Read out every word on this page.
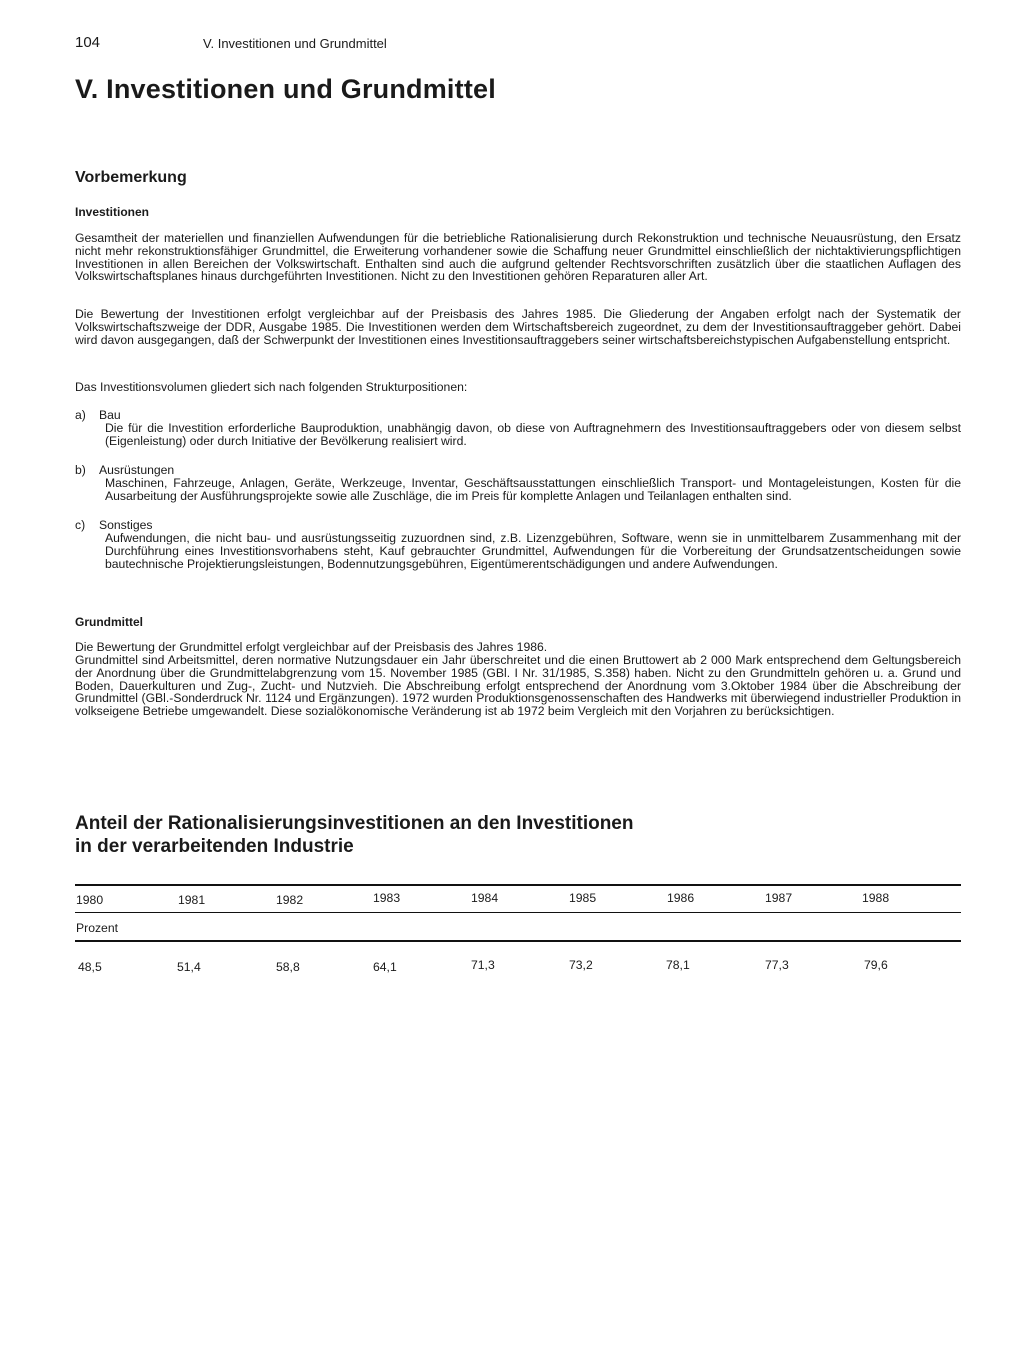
104	V. Investitionen und Grundmittel
V. Investitionen und Grundmittel
Vorbemerkung
Investitionen

Gesamtheit der materiellen und finanziellen Aufwendungen für die betriebliche Rationalisierung durch Rekonstruktion und technische Neuausrüstung, den Ersatz nicht mehr rekonstruktionsfähiger Grundmittel, die Erweiterung vorhandener sowie die Schaffung neuer Grundmittel einschließlich der nichtaktivierungspflichtigen Investitionen in allen Bereichen der Volkswirtschaft. Enthalten sind auch die aufgrund geltender Rechtsvorschriften zusätzlich über die staatlichen Auflagen des Volkswirtschaftsplanes hinaus durchgeführten Investitionen. Nicht zu den Investitionen gehören Reparaturen aller Art.

Die Bewertung der Investitionen erfolgt vergleichbar auf der Preisbasis des Jahres 1985. Die Gliederung der Angaben erfolgt nach der Systematik der Volkswirtschaftszweige der DDR, Ausgabe 1985. Die Investitionen werden dem Wirtschaftsbereich zugeordnet, zu dem der Investitionsauftraggeber gehört. Dabei wird davon ausgegangen, daß der Schwerpunkt der Investitionen eines Investitionsauftraggebers seiner wirtschaftsbereichstypischen Aufgabenstellung entspricht.

Das Investitionsvolumen gliedert sich nach folgenden Strukturpositionen:

a) Bau
Die für die Investition erforderliche Bauproduktion, unabhängig davon, ob diese von Auftragnehmern des Investitionsauftraggebers oder von diesem selbst (Eigenleistung) oder durch Initiative der Bevölkerung realisiert wird.
b) Ausrüstungen
Maschinen, Fahrzeuge, Anlagen, Geräte, Werkzeuge, Inventar, Geschäftsausstattungen einschließlich Transport- und Montageleistungen, Kosten für die Ausarbeitung der Ausführungsprojekte sowie alle Zuschläge, die im Preis für komplette Anlagen und Teilanlagen enthalten sind.
c) Sonstiges
Aufwendungen, die nicht bau- und ausrüstungsseitig zuzuordnen sind, z.B. Lizenzgebühren, Software, wenn sie in unmittelbarem Zusammenhang mit der Durchführung eines Investitionsvorhabens steht, Kauf gebrauchter Grundmittel, Aufwendungen für die Vorbereitung der Grundsatzentscheidungen sowie bautechnische Projektierungsleistungen, Bodennutzungsgebühren, Eigentümerentschädigungen und andere Aufwendungen.
Grundmittel

Die Bewertung der Grundmittel erfolgt vergleichbar auf der Preisbasis des Jahres 1986.

Grundmittel sind Arbeitsmittel, deren normative Nutzungsdauer ein Jahr überschreitet und die einen Bruttowert ab 2 000 Mark entsprechend dem Geltungsbereich der Anordnung über die Grundmittelabgrenzung vom 15. November 1985 (GBl. I Nr. 31/1985, S.358) haben. Nicht zu den Grundmitteln gehören u. a. Grund und Boden, Dauerkulturen und Zug-, Zucht- und Nutzvieh. Die Abschreibung erfolgt entsprechend der Anordnung vom 3.Oktober 1984 über die Abschreibung der Grundmittel (GBl.-Sonderdruck Nr. 1124 und Ergänzungen). 1972 wurden Produktionsgenossenschaften des Handwerks mit überwiegend industrieller Produktion in volkseigene Betriebe umgewandelt. Diese sozialökonomische Veränderung ist ab 1972 beim Vergleich mit den Vorjahren zu berücksichtigen.

Anteil der Rationalisierungsinvestitionen an den Investitionen
in der verarbeitenden Industrie
1980	1981	1982	1983	1984	1985	1986	1987	1988
Prozent
48,5	51,4	58,8	64,1	71,3	73,2	78,1	77,3	79,6
